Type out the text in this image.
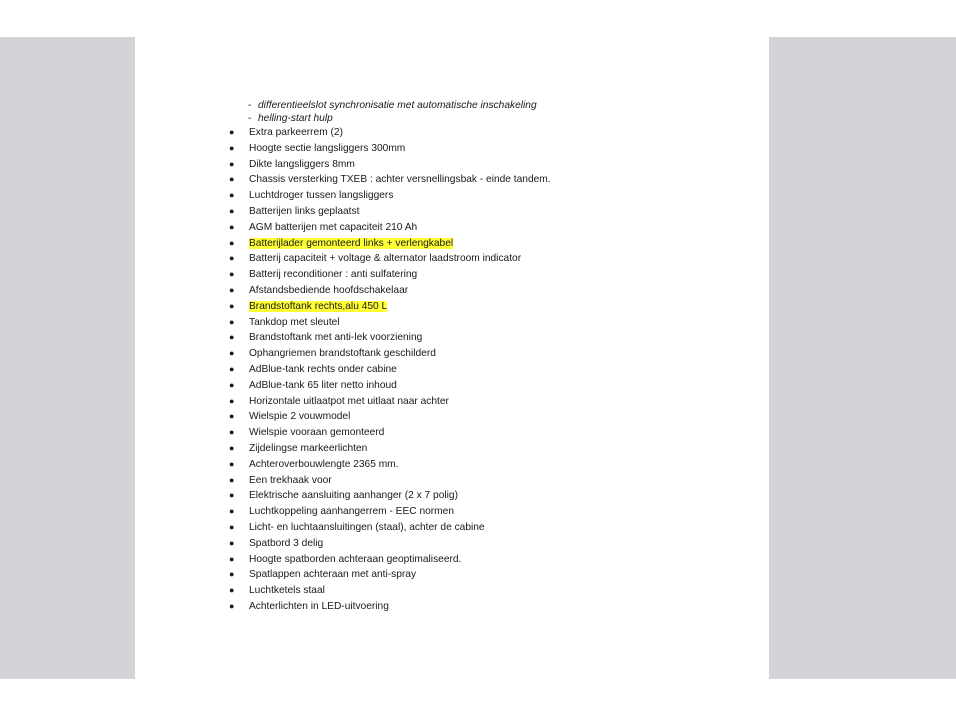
- differentieelslot synchronisatie met automatische inschakeling
- helling-start hulp
● Extra parkeerrem (2)
● Hoogte sectie langsliggers 300mm
● Dikte langsliggers 8mm
● Chassis versterking TXEB : achter versnellingsbak - einde tandem.
● Luchtdroger tussen langsliggers
● Batterijen links geplaatst
● AGM batterijen met capaciteit 210 Ah
● Batterijlader gemonteerd links + verlengkabel
● Batterij capaciteit + voltage & alternator laadstroom indicator
● Batterij reconditioner : anti sulfatering
● Afstandsbediende hoofdschakelaar
● Brandstoftank rechts,alu 450 L
● Tankdop met sleutel
● Brandstoftank met anti-lek voorziening
● Ophangriemen brandstoftank geschilderd
● AdBlue-tank rechts onder cabine
● AdBlue-tank 65 liter netto inhoud
● Horizontale uitlaatpot met uitlaat naar achter
● Wielspie 2 vouwmodel
● Wielspie vooraan gemonteerd
● Zijdelingse markeerlichten
● Achteroverbouwlengte 2365 mm.
● Een trekhaak voor
● Elektrische aansluiting aanhanger (2 x 7 polig)
● Luchtkoppeling aanhangerrem - EEC normen
● Licht- en luchtaansluitingen (staal), achter de cabine
● Spatbord 3 delig
● Hoogte spatborden achteraan geoptimaliseerd.
● Spatlappen achteraan met anti-spray
● Luchtketels staal
● Achterlichten in LED-uitvoering
